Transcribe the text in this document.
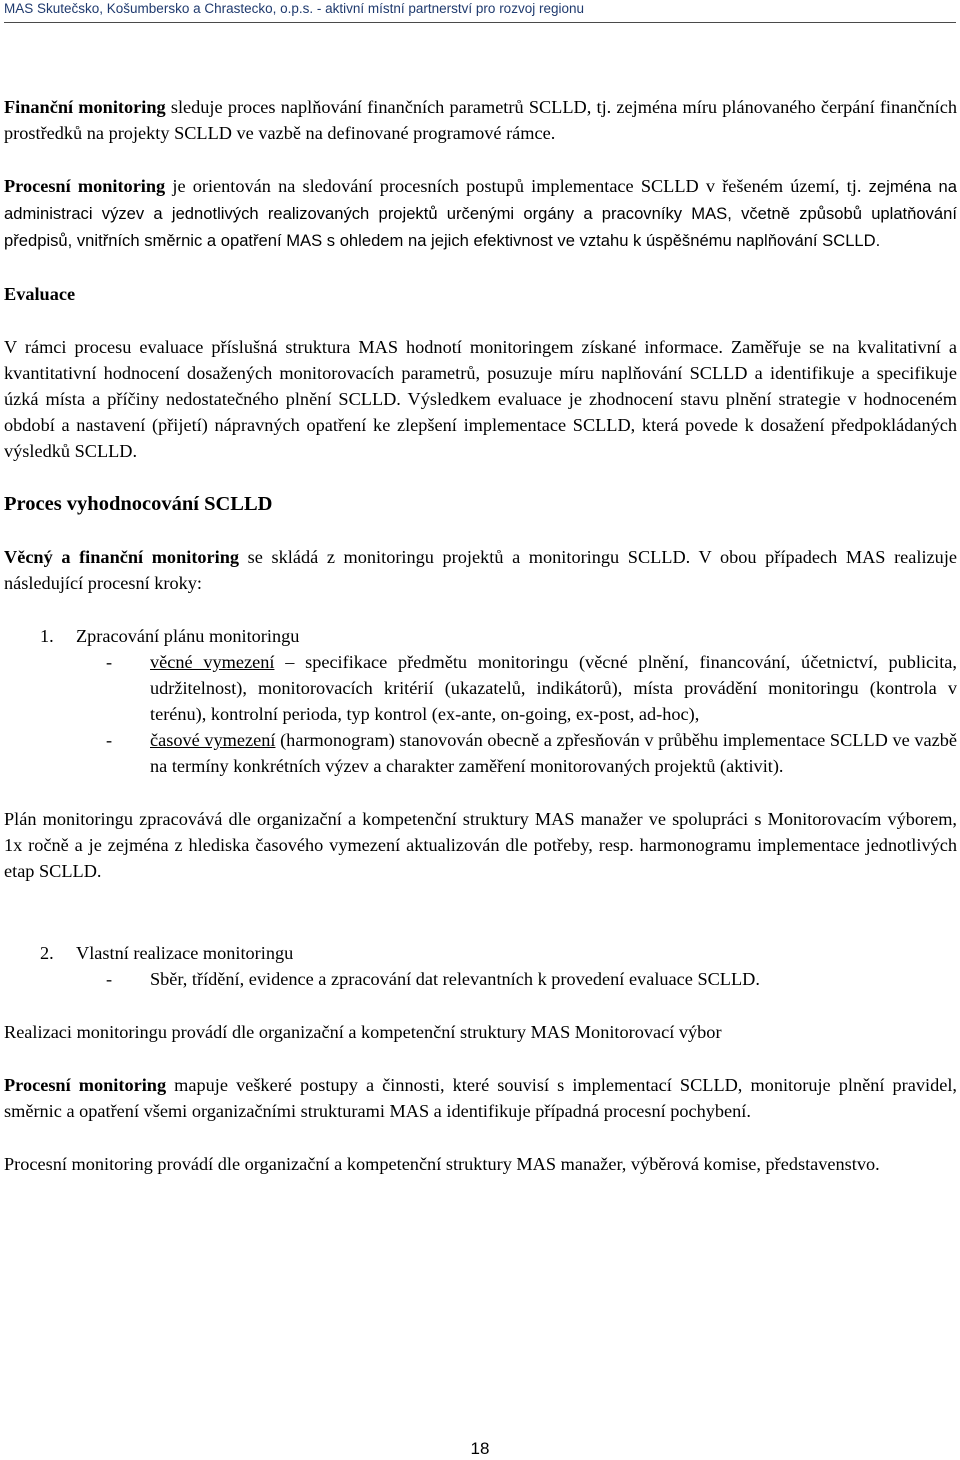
MAS Skutečsko, Košumbersko a Chrastecko, o.p.s. - aktivní místní partnerství pro rozvoj regionu

Finanční monitoring sleduje proces naplňování finančních parametrů SCLLD, tj. zejména míru plánovaného čerpání finančních prostředků na projekty SCLLD ve vazbě na definované programové rámce.

Procesní monitoring je orientován na sledování procesních postupů implementace SCLLD v řešeném území, tj. zejména na administraci výzev a jednotlivých realizovaných projektů určenými orgány a pracovníky MAS, včetně způsobů uplatňování předpisů, vnitřních směrnic a opatření MAS s ohledem na jejich efektivnost ve vztahu k úspěšnému naplňování SCLLD.

Evaluace

V rámci procesu evaluace příslušná struktura MAS hodnotí monitoringem získané informace. Zaměřuje se na kvalitativní a kvantitativní hodnocení dosažených monitorovacích parametrů, posuzuje míru naplňování SCLLD a identifikuje a specifikuje úzká místa a příčiny nedostatečného plnění SCLLD. Výsledkem evaluace je zhodnocení stavu plnění strategie v hodnoceném období a nastavení (přijetí) nápravných opatření ke zlepšení implementace SCLLD, která povede k dosažení předpokládaných výsledků SCLLD.

Proces vyhodnocování SCLLD

Věcný a finanční monitoring se skládá z monitoringu projektů a monitoringu SCLLD. V obou případech MAS realizuje následující procesní kroky:

1. Zpracování plánu monitoringu
-	věcné vymezení – specifikace předmětu monitoringu (věcné plnění, financování, účetnictví, publicita, udržitelnost), monitorovacích kritérií (ukazatelů, indikátorů), místa provádění monitoringu (kontrola v terénu), kontrolní perioda, typ kontrol (ex-ante, on-going, ex-post, ad-hoc),
-	časové vymezení (harmonogram) stanovován obecně a zpřesňován v průběhu implementace SCLLD ve vazbě na termíny konkrétních výzev a charakter zaměření monitorovaných projektů (aktivit).

Plán monitoringu zpracovává dle organizační a kompetenční struktury MAS manažer ve spolupráci s Monitorovacím výborem, 1x ročně a je zejména z hlediska časového vymezení aktualizován dle potřeby, resp. harmonogramu implementace jednotlivých etap SCLLD.

2. Vlastní realizace monitoringu
-	Sběr, třídění, evidence a zpracování dat relevantních k provedení evaluace SCLLD.

Realizaci monitoringu provádí dle organizační a kompetenční struktury MAS Monitorovací výbor

Procesní monitoring mapuje veškeré postupy a činnosti, které souvisí s implementací SCLLD, monitoruje plnění pravidel, směrnic a opatření všemi organizačními strukturami MAS a identifikuje případná procesní pochybení.

Procesní monitoring provádí dle organizační a kompetenční struktury MAS manažer, výběrová komise, představenstvo.

18
